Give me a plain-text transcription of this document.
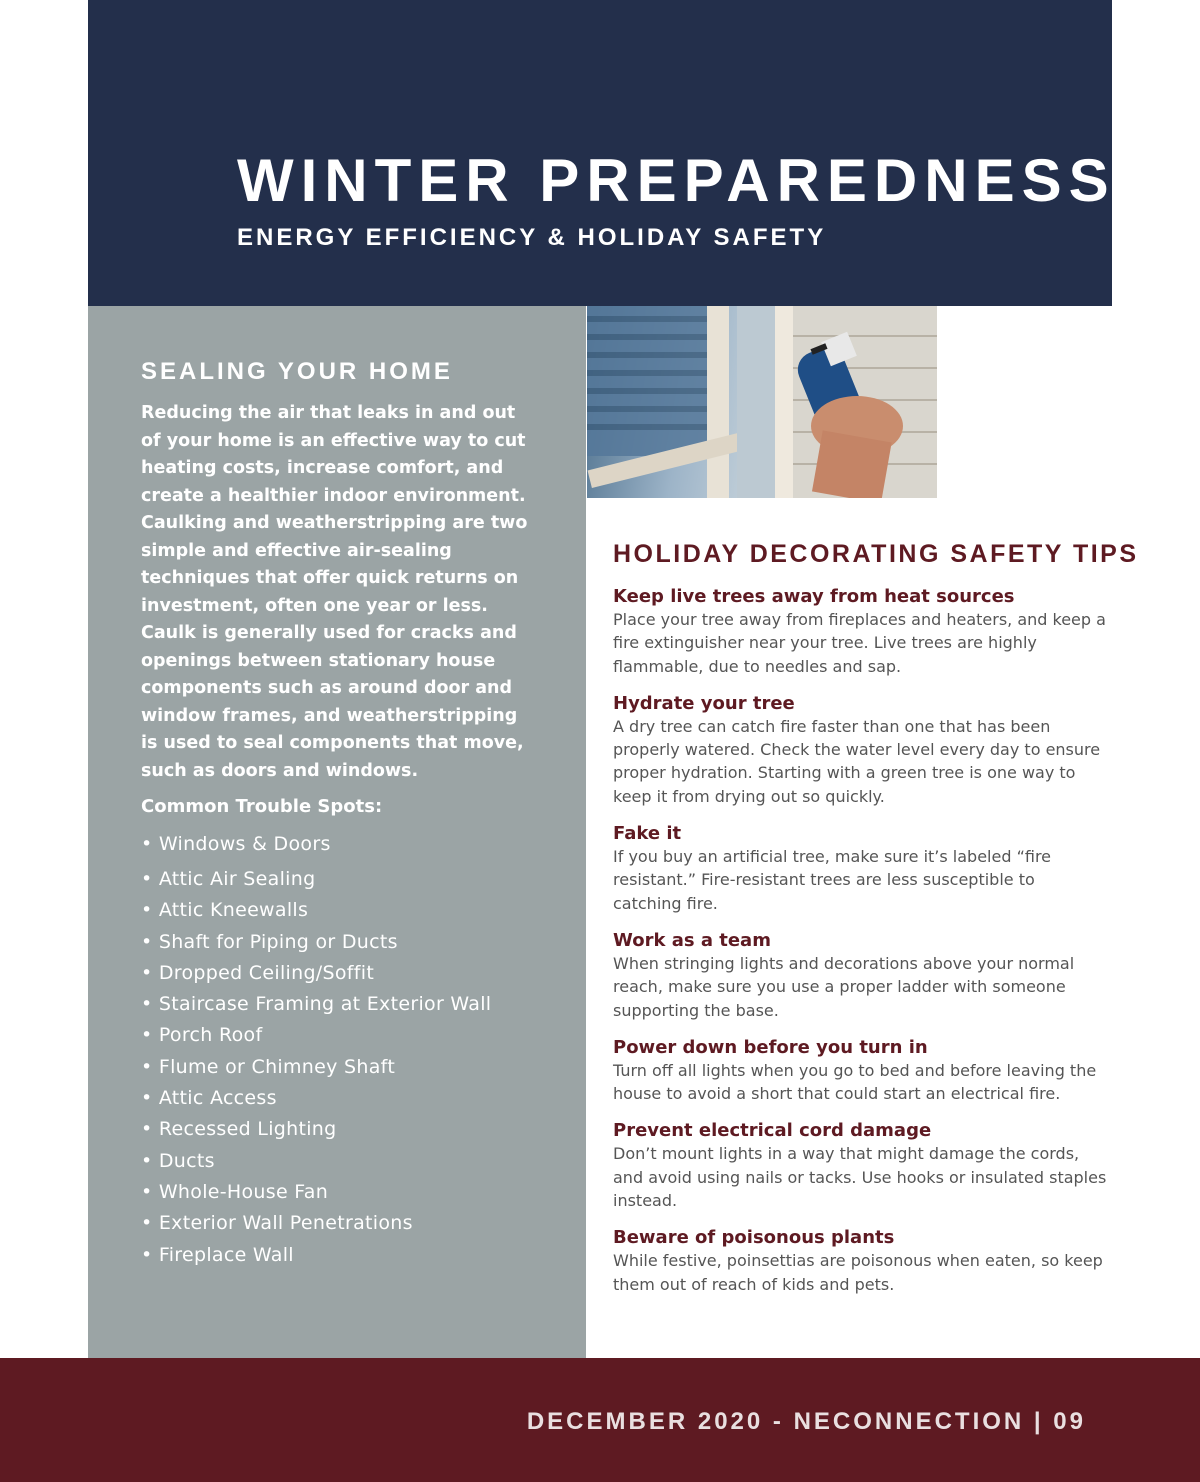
WINTER PREPAREDNESS
ENERGY EFFICIENCY & HOLIDAY SAFETY
SEALING YOUR HOME

Reducing the air that leaks in and out of your home is an effective way to cut heating costs, increase comfort, and create a healthier indoor environment. Caulking and weatherstripping are two simple and effective air-sealing techniques that offer quick returns on investment, often one year or less. Caulk is generally used for cracks and openings between stationary house components such as around door and window frames, and weatherstripping is used to seal components that move, such as doors and windows.

Common Trouble Spots:

• Windows & Doors
• Attic Air Sealing
• Attic Kneewalls
• Shaft for Piping or Ducts
• Dropped Ceiling/Soffit
• Staircase Framing at Exterior Wall
• Porch Roof
• Flume or Chimney Shaft
• Attic Access
• Recessed Lighting
• Ducts
• Whole-House Fan
• Exterior Wall Penetrations
• Fireplace Wall
HOLIDAY DECORATING SAFETY TIPS

Keep live trees away from heat sources

Place your tree away from fireplaces and heaters, and keep a fire extinguisher near your tree. Live trees are highly flammable, due to needles and sap.

Hydrate your tree

A dry tree can catch fire faster than one that has been properly watered. Check the water level every day to ensure proper hydration. Starting with a green tree is one way to keep it from drying out so quickly.

Fake it

If you buy an artificial tree, make sure it’s labeled “fire resistant.” Fire-resistant trees are less susceptible to catching fire.

Work as a team

When stringing lights and decorations above your normal reach, make sure you use a proper ladder with someone supporting the base.

Power down before you turn in

Turn off all lights when you go to bed and before leaving the house to avoid a short that could start an electrical fire.

Prevent electrical cord damage

Don’t mount lights in a way that might damage the cords, and avoid using nails or tacks. Use hooks or insulated staples instead.

Beware of poisonous plants

While festive, poinsettias are poisonous when eaten, so keep them out of reach of kids and pets.

DECEMBER 2020 - NECONNECTION | 09
